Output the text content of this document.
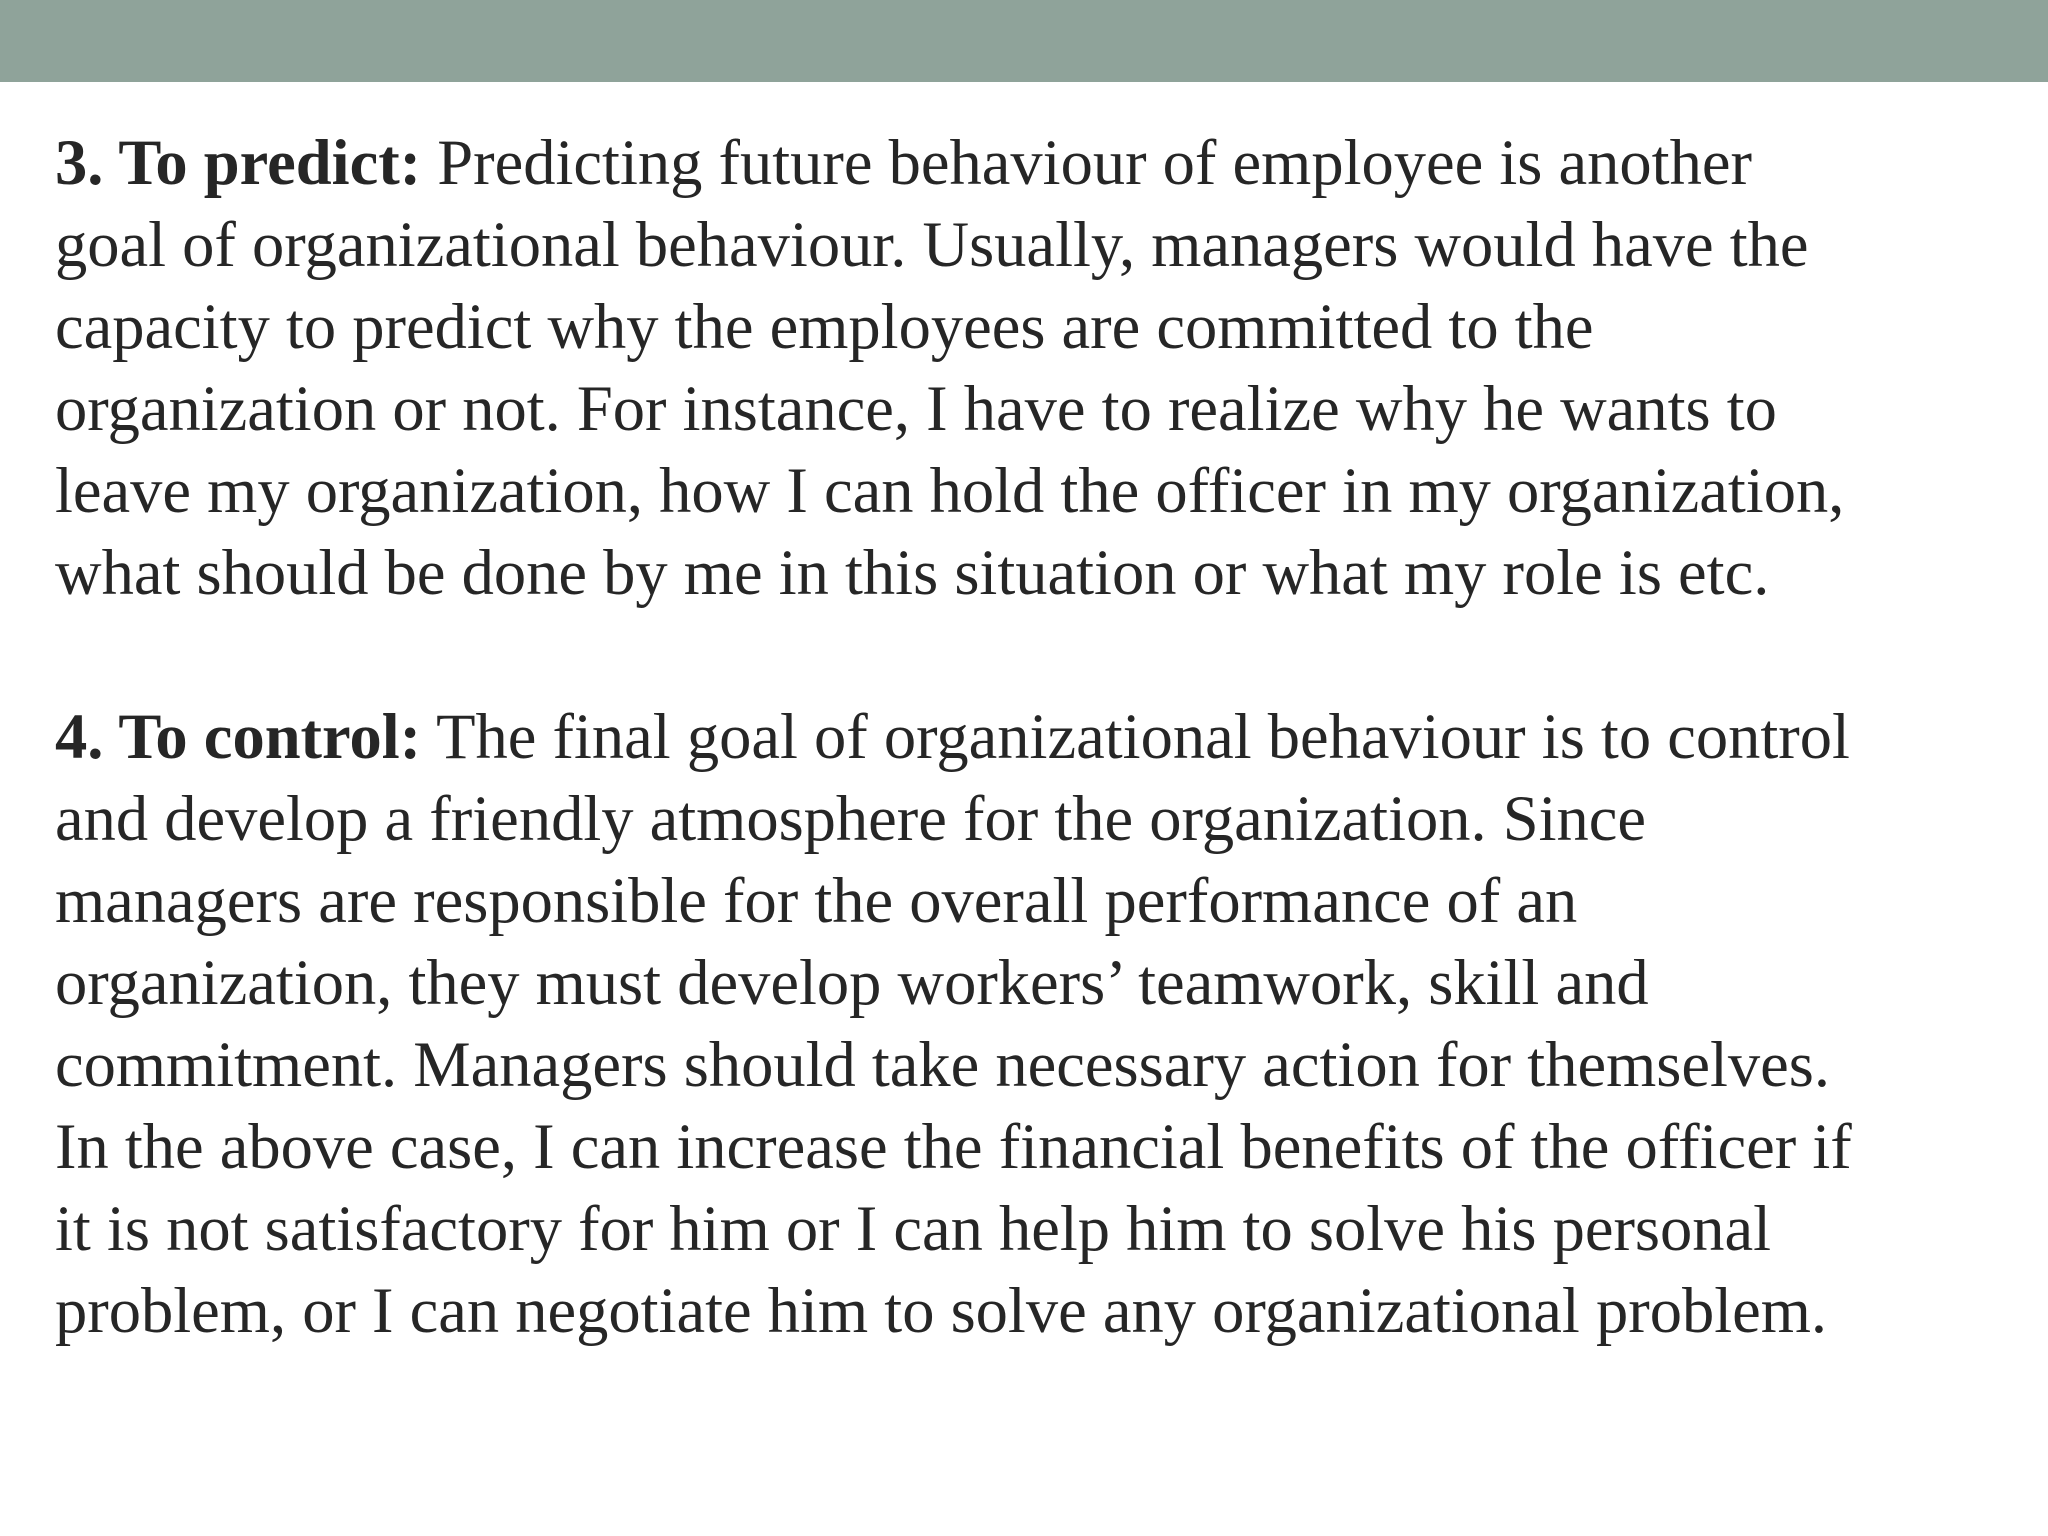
3. To predict: Predicting future behaviour of employee is another
goal of organizational behaviour. Usually, managers would have the
capacity to predict why the employees are committed to the
organization or not. For instance, I have to realize why he wants to
leave my organization, how I can hold the officer in my organization,
what should be done by me in this situation or what my role is etc.
4. To control: The final goal of organizational behaviour is to control
and develop a friendly atmosphere for the organization. Since
managers are responsible for the overall performance of an
organization, they must develop workers’ teamwork, skill and
commitment. Managers should take necessary action for themselves.
In the above case, I can increase the financial benefits of the officer if
it is not satisfactory for him or I can help him to solve his personal
problem, or I can negotiate him to solve any organizational problem.
